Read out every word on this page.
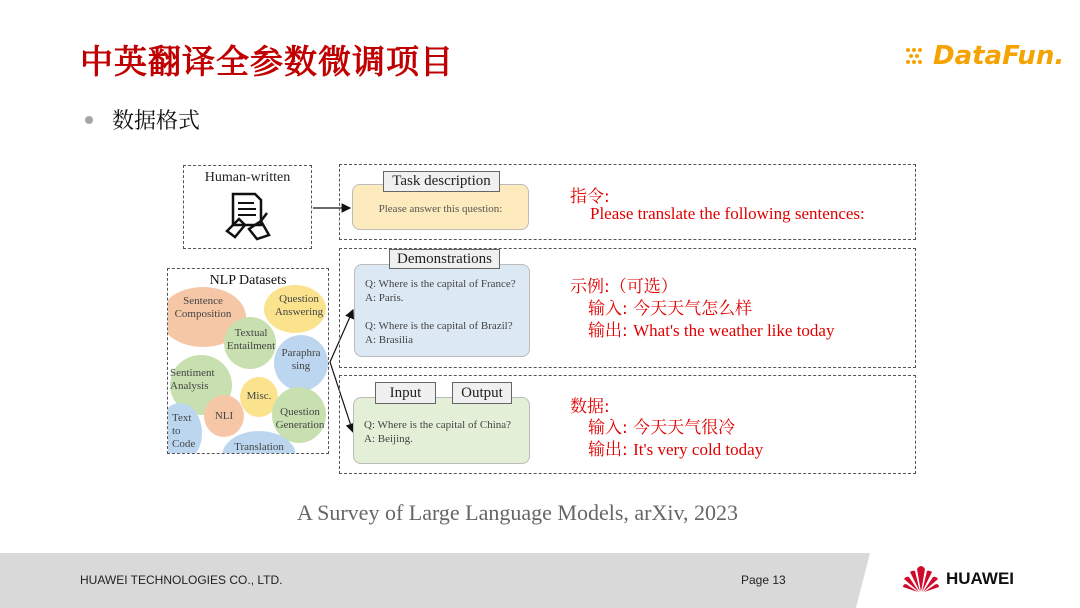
中英翻译全参数微调项目	DataFun.
数据格式
Human-written
NLP Datasets
Sentence
Composition
Question
Answering
Textual
Entailment
Paraphra
sing
Sentiment
Analysis
Misc.
Text
to
Code
NLI	Question
Generation
Translation
Please answer this question:
Task description
指令:
Please translate the following sentences:
Q: Where is the capital of France?
A: Paris.
Q: Where is the capital of Brazil?
A: Brasilia
Demonstrations
示例:（可选）
输入: 今天天气怎么样
输出: What's the weather like today
Q: Where is the capital of China?
A: Beijing.
Input	Output
数据:
输入: 今天天气很冷
输出: It's very cold today
A Survey of Large Language Models, arXiv, 2023
HUAWEI TECHNOLOGIES CO., LTD.	Page 13	HUAWEI
